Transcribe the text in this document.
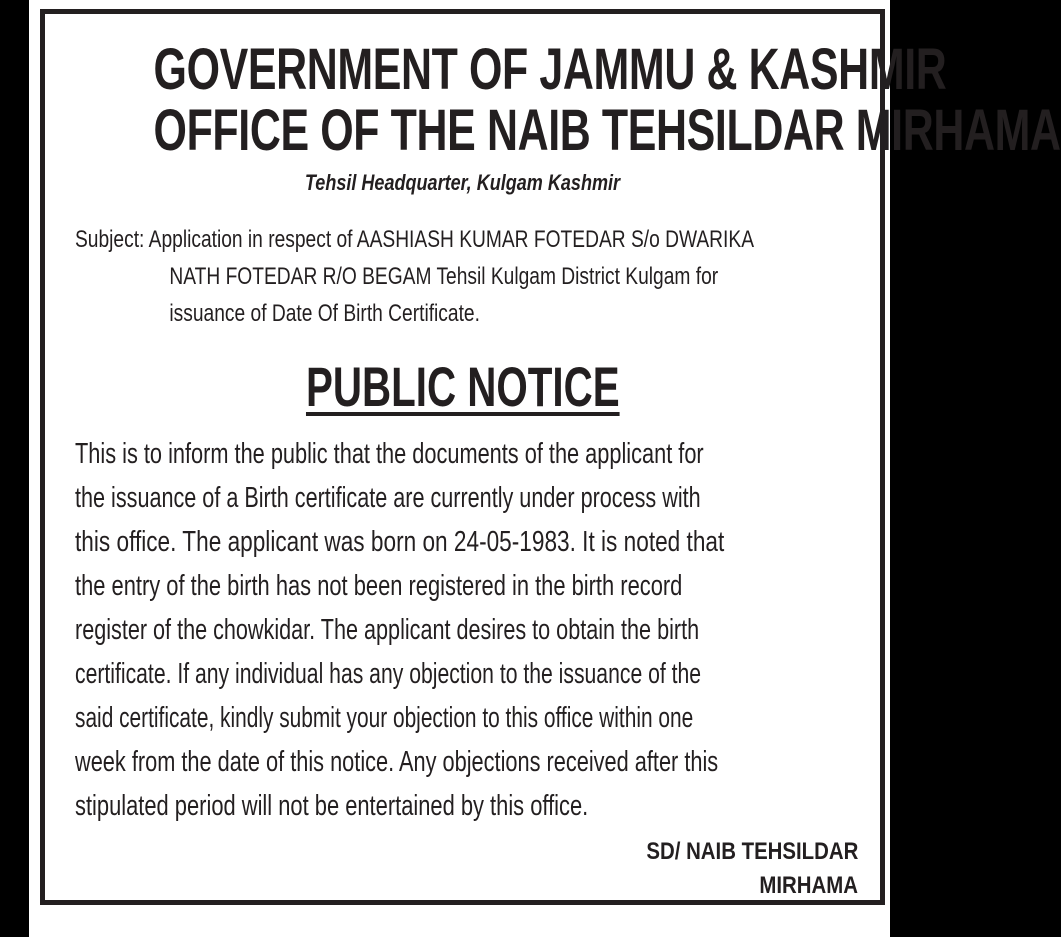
GOVERNMENT OF JAMMU & KASHMIR
OFFICE OF THE NAIB TEHSILDAR MIRHAMA
Tehsil Headquarter, Kulgam Kashmir
Subject: Application in respect of AASHIASH KUMAR FOTEDAR S/o DWARIKA
NATH FOTEDAR R/O BEGAM Tehsil Kulgam District Kulgam for
issuance of Date Of Birth Certificate.
PUBLIC NOTICE
This is to inform the public that the documents of the applicant for
the issuance of a Birth certificate are currently under process with
this office. The applicant was born on 24-05-1983. It is noted that
the entry of the birth has not been registered in the birth record
register of the chowkidar. The applicant desires to obtain the birth
certificate. If any individual has any objection to the issuance of the
said certificate, kindly submit your objection to this office within one
week from the date of this notice. Any objections received after this
stipulated period will not be entertained by this office.
SD/ NAIB TEHSILDAR
MIRHAMA
